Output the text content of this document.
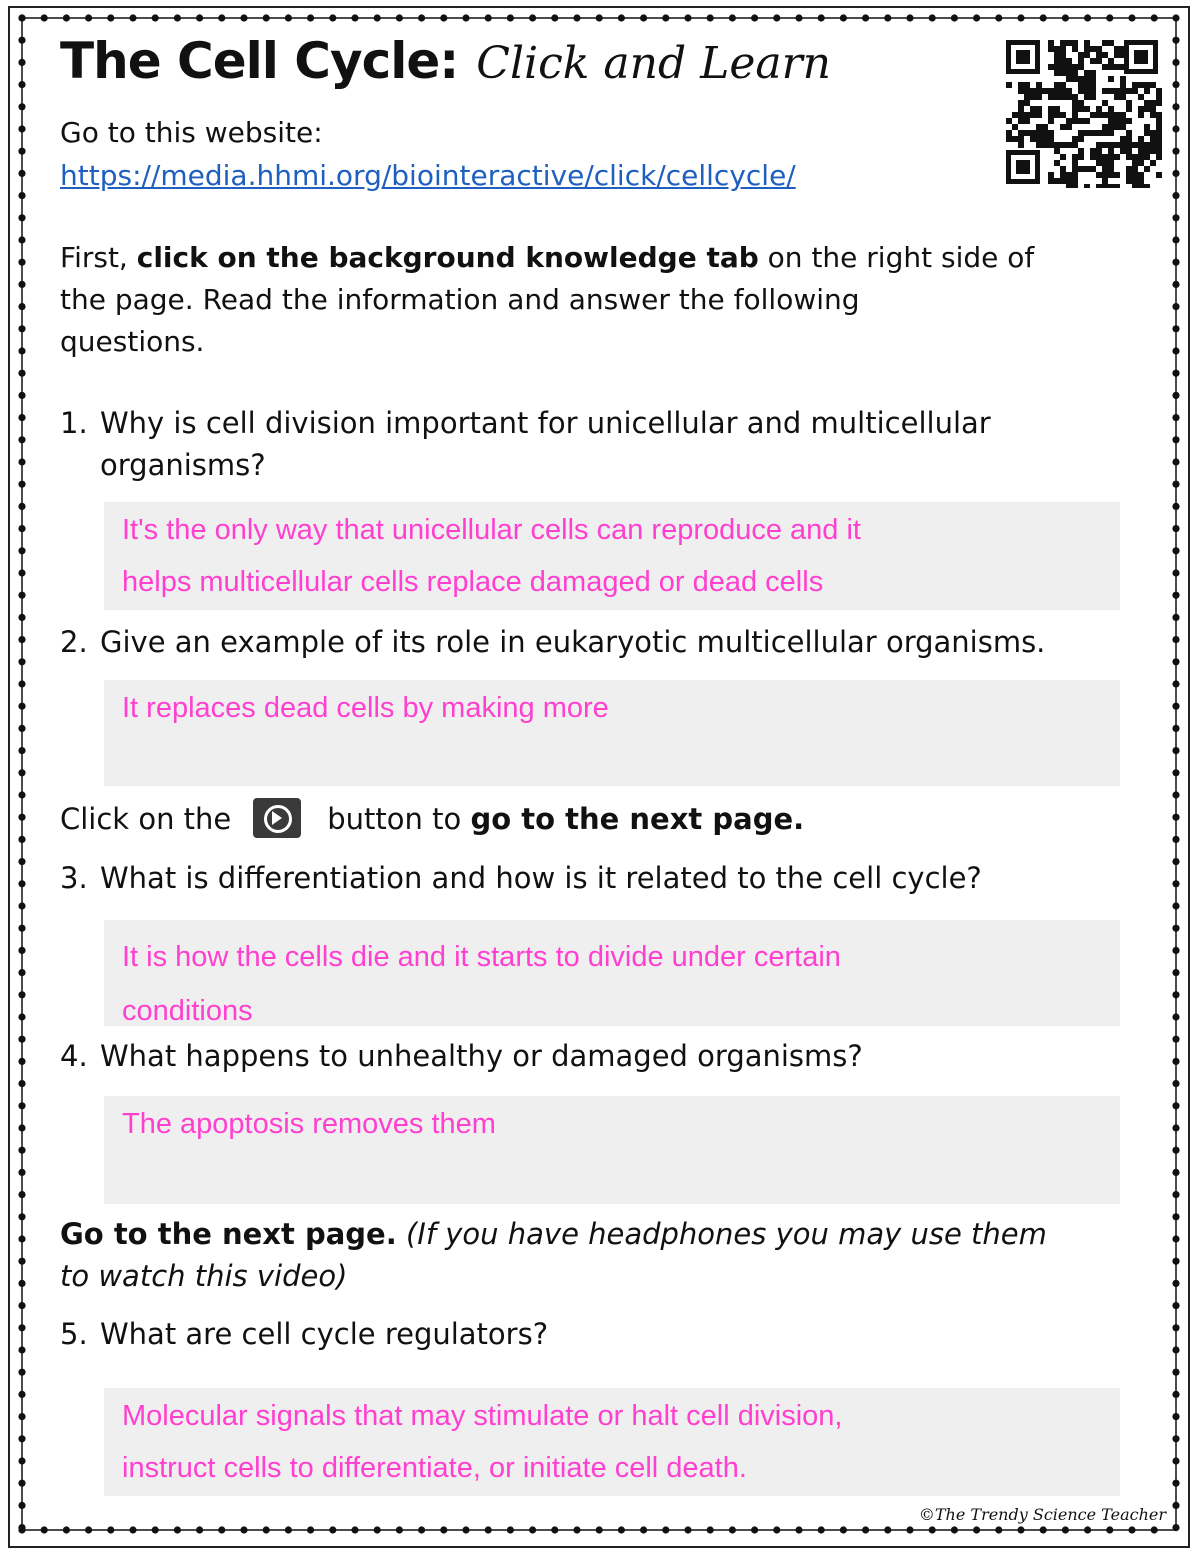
The Cell Cycle: Click and Learn
Go to this website:
https://media.hhmi.org/biointeractive/click/cellcycle/
First, click on the background knowledge tab on the right side of
the page. Read the information and answer the following
questions.
1. Why is cell division important for unicellular and multicellular
organisms?
It's the only way that unicellular cells can reproduce and it
helps multicellular cells replace damaged or dead cells
2. Give an example of its role in eukaryotic multicellular organisms.
It replaces dead cells by making more
Click on the	button to go to the next page.
3. What is differentiation and how is it related to the cell cycle?
It is how the cells die and it starts to divide under certain
conditions
4. What happens to unhealthy or damaged organisms?
The apoptosis removes them
Go to the next page. (If you have headphones you may use them
to watch this video)
5. What are cell cycle regulators?
Molecular signals that may stimulate or halt cell division,
instruct cells to differentiate, or initiate cell death.
©The Trendy Science Teacher
